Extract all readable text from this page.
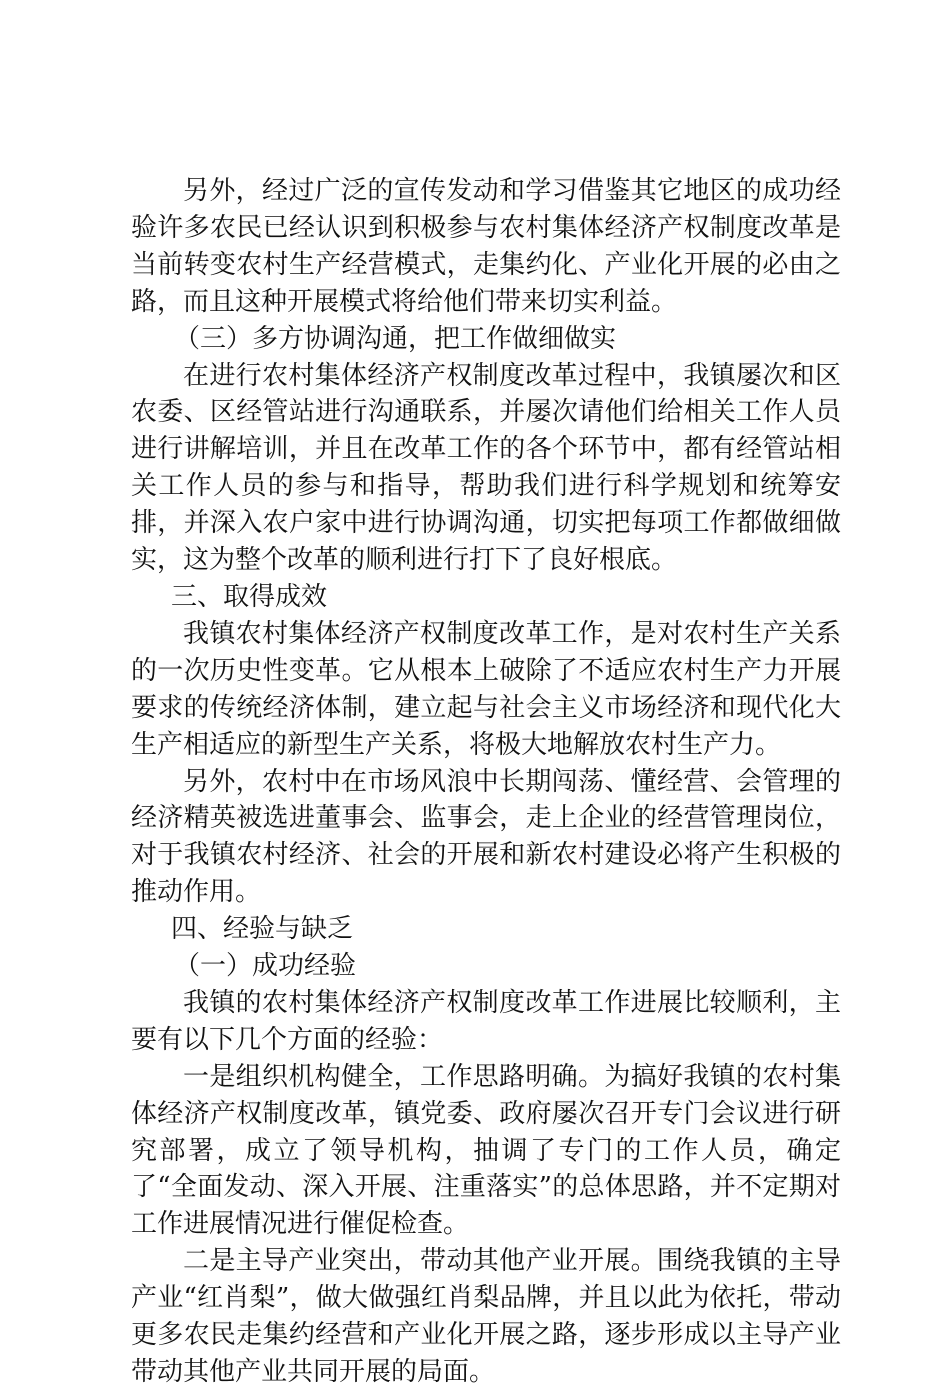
另外，经过广泛的宣传发动和学习借鉴其它地区的成功经验许多农民已经认识到积极参与农村集体经济产权制度改革是当前转变农村生产经营模式，走集约化、产业化开展的必由之路，而且这种开展模式将给他们带来切实利益。

（三）多方协调沟通，把工作做细做实

在进行农村集体经济产权制度改革过程中，我镇屡次和区农委、区经管站进行沟通联系，并屡次请他们给相关工作人员进行讲解培训，并且在改革工作的各个环节中，都有经管站相关工作人员的参与和指导，帮助我们进行科学规划和统筹安排，并深入农户家中进行协调沟通，切实把每项工作都做细做实，这为整个改革的顺利进行打下了良好根底。

三、取得成效

我镇农村集体经济产权制度改革工作，是对农村生产关系的一次历史性变革。它从根本上破除了不适应农村生产力开展要求的传统经济体制，建立起与社会主义市场经济和现代化大生产相适应的新型生产关系，将极大地解放农村生产力。

另外，农村中在市场风浪中长期闯荡、懂经营、会管理的经济精英被选进董事会、监事会，走上企业的经营管理岗位，对于我镇农村经济、社会的开展和新农村建设必将产生积极的推动作用。

四、经验与缺乏

（一）成功经验

我镇的农村集体经济产权制度改革工作进展比较顺利，主要有以下几个方面的经验：

一是组织机构健全，工作思路明确。为搞好我镇的农村集体经济产权制度改革，镇党委、政府屡次召开专门会议进行研究部署，成立了领导机构，抽调了专门的工作人员，确定了“全面发动、深入开展、注重落实”的总体思路，并不定期对工作进展情况进行催促检查。

二是主导产业突出，带动其他产业开展。围绕我镇的主导产业“红肖梨”，做大做强红肖梨品牌，并且以此为依托，带动更多农民走集约经营和产业化开展之路，逐步形成以主导产业带动其他产业共同开展的局面。
